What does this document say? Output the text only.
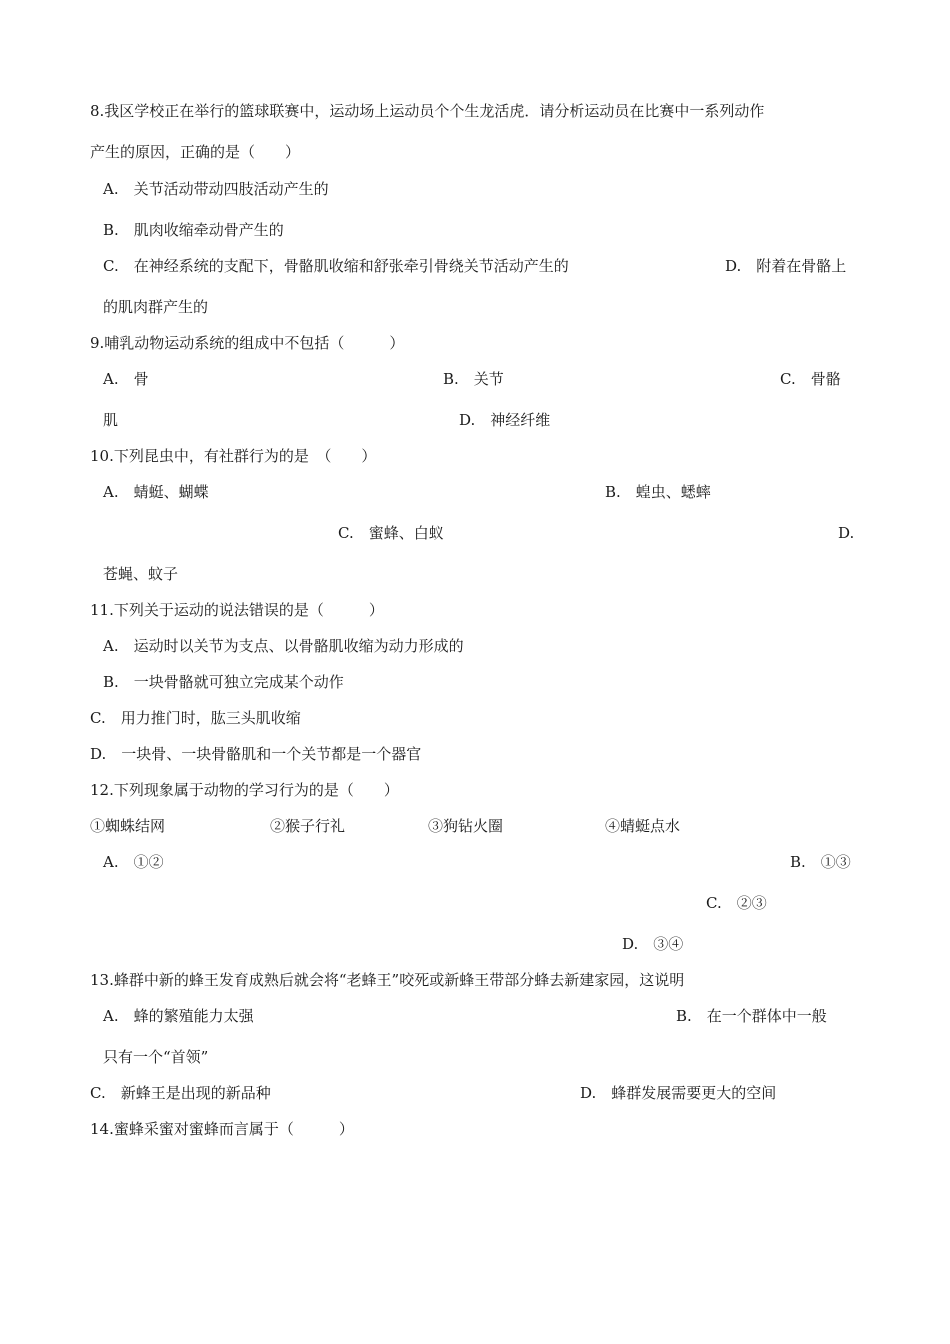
8.我区学校正在举行的篮球联赛中，运动场上运动员个个生龙活虎．请分析运动员在比赛中一系列动作

产生的原因，正确的是（　　）

A.　关节活动带动四肢活动产生的

B.　肌肉收缩牵动骨产生的

C.　在神经系统的支配下，骨骼肌收缩和舒张牵引骨绕关节活动产生的	D.　附着在骨骼上

的肌肉群产生的

9.哺乳动物运动系统的组成中不包括（　　　）

A.　骨	B.　关节	C.　骨骼

肌	D.　神经纤维

10.下列昆虫中，有社群行为的是　（　　）

A.　蜻蜓、蝴蝶	B.　蝗虫、蟋蟀

C.　蜜蜂、白蚁	D.

苍蝇、蚊子

11.下列关于运动的说法错误的是（　　　）

A.　运动时以关节为支点、以骨骼肌收缩为动力形成的

B.　一块骨骼就可独立完成某个动作

C.　用力推门时，肱三头肌收缩

D.　一块骨、一块骨骼肌和一个关节都是一个器官

12.下列现象属于动物的学习行为的是（　　）

①蜘蛛结网	②猴子行礼	③狗钻火圈	④蜻蜓点水

A.　①②	B.　①③

C.　②③

D.　③④

13.蜂群中新的蜂王发育成熟后就会将“老蜂王”咬死或新蜂王带部分蜂去新建家园，这说明

A.　蜂的繁殖能力太强	B.　在一个群体中一般

只有一个“首领”

C.　新蜂王是出现的新品种	D.　蜂群发展需要更大的空间

14.蜜蜂采蜜对蜜蜂而言属于（　　　）
